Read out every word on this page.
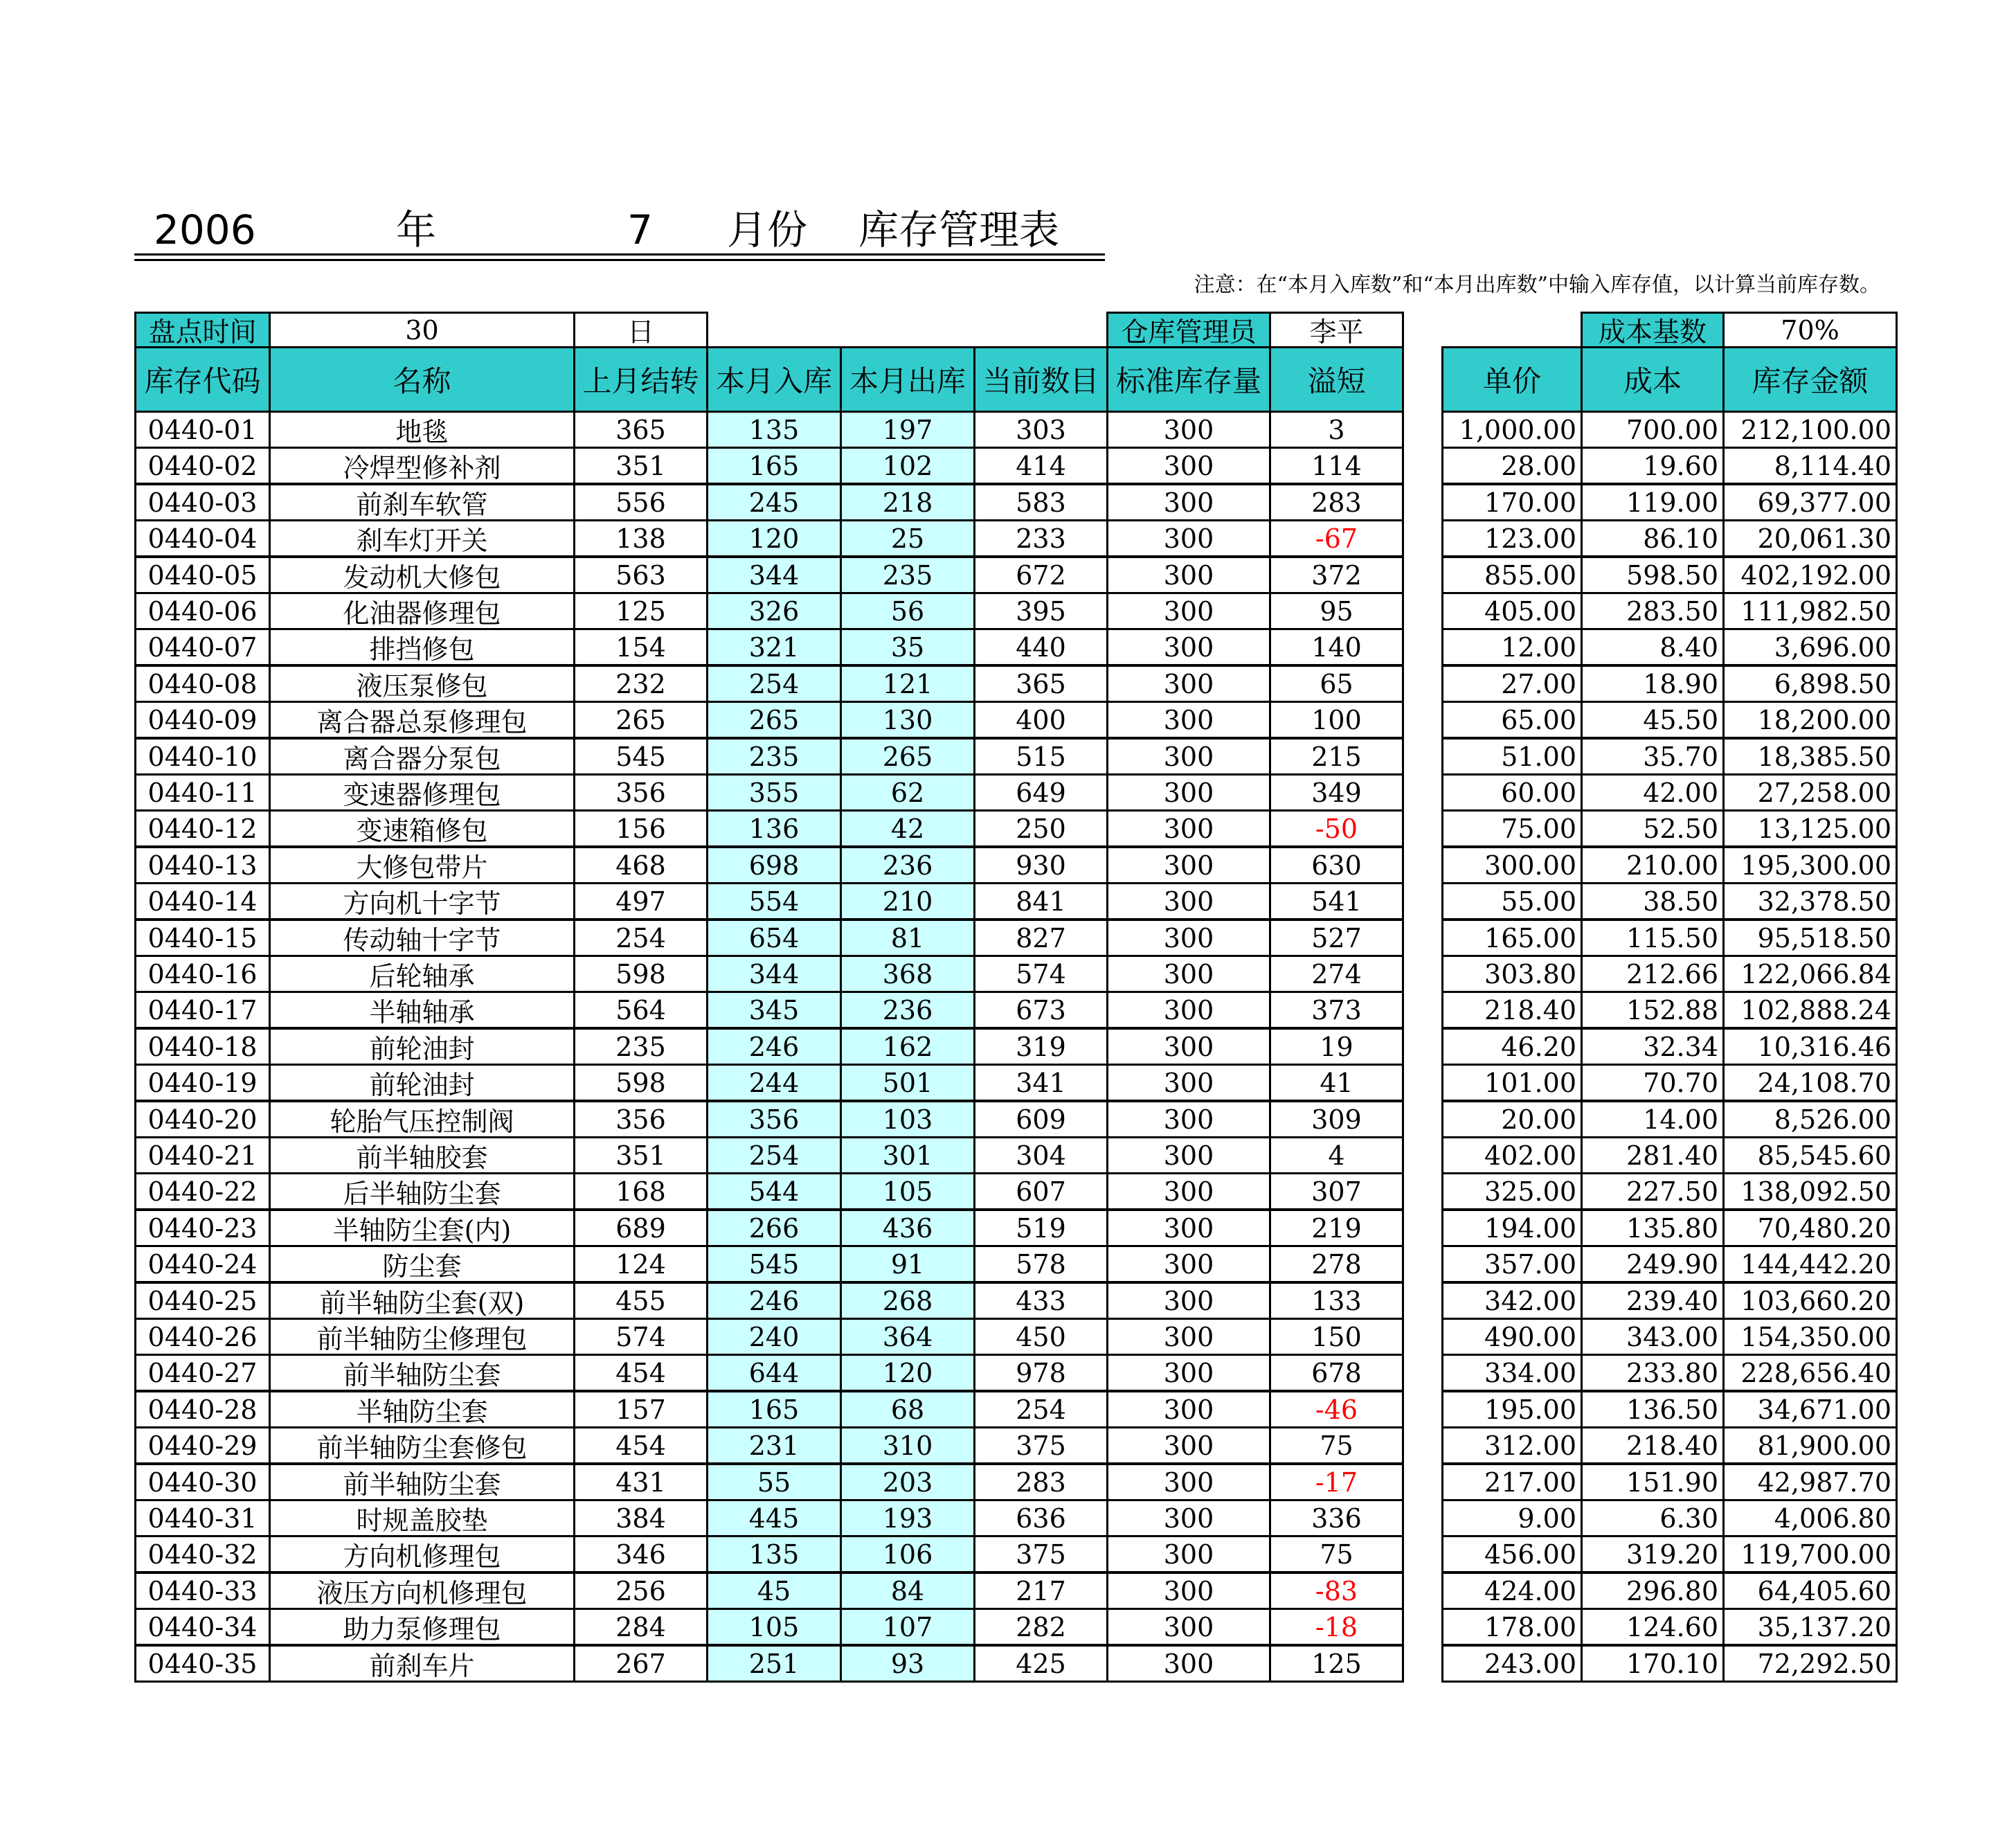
2006	年	7 月份 库存管理表
注意：在“本月入库数”和“本月出库数”中输入库存值，以计算当前库存数。
盘点时间	30	日	仓库管理员	李平	成本基数	70%
库存代码	名称	上月结转 本月入库 本月出库 当前数目 标准库存量	溢短	单价	成本	库存金额
0440-01	地毯	365	135	197	303	300	3	1,000.00	700.00 212,100.00
0440-02	冷焊型修补剂	351	165	102	414	300	114	28.00	19.60	8,114.40
0440-03	前刹车软管	556	245	218	583	300	283	170.00	119.00	69,377.00
0440-04	刹车灯开关	138	120	25	233	300	-67	123.00	86.10	20,061.30
0440-05	发动机大修包	563	344	235	672	300	372	855.00	598.50 402,192.00
0440-06	化油器修理包	125	326	56	395	300	95	405.00	283.50 111,982.50
0440-07	排挡修包	154	321	35	440	300	140	12.00	8.40	3,696.00
0440-08	液压泵修包	232	254	121	365	300	65	27.00	18.90	6,898.50
0440-09	离合器总泵修理包	265	265	130	400	300	100	65.00	45.50	18,200.00
0440-10	离合器分泵包	545	235	265	515	300	215	51.00	35.70	18,385.50
0440-11	变速器修理包	356	355	62	649	300	349	60.00	42.00	27,258.00
0440-12	变速箱修包	156	136	42	250	300	-50	75.00	52.50	13,125.00
0440-13	大修包带片	468	698	236	930	300	630	300.00	210.00 195,300.00
0440-14	方向机十字节	497	554	210	841	300	541	55.00	38.50	32,378.50
0440-15	传动轴十字节	254	654	81	827	300	527	165.00	115.50	95,518.50
0440-16	后轮轴承	598	344	368	574	300	274	303.80	212.66 122,066.84
0440-17	半轴轴承	564	345	236	673	300	373	218.40	152.88 102,888.24
0440-18	前轮油封	235	246	162	319	300	19	46.20	32.34	10,316.46
0440-19	前轮油封	598	244	501	341	300	41	101.00	70.70	24,108.70
0440-20	轮胎气压控制阀	356	356	103	609	300	309	20.00	14.00	8,526.00
0440-21	前半轴胶套	351	254	301	304	300	4	402.00	281.40	85,545.60
0440-22	后半轴防尘套	168	544	105	607	300	307	325.00	227.50 138,092.50
0440-23	半轴防尘套(内)	689	266	436	519	300	219	194.00	135.80	70,480.20
0440-24	防尘套	124	545	91	578	300	278	357.00	249.90 144,442.20
0440-25	前半轴防尘套(双)	455	246	268	433	300	133	342.00	239.40 103,660.20
0440-26	前半轴防尘修理包	574	240	364	450	300	150	490.00	343.00 154,350.00
0440-27	前半轴防尘套	454	644	120	978	300	678	334.00	233.80 228,656.40
0440-28	半轴防尘套	157	165	68	254	300	-46	195.00	136.50	34,671.00
0440-29	前半轴防尘套修包	454	231	310	375	300	75	312.00	218.40	81,900.00
0440-30	前半轴防尘套	431	55	203	283	300	-17	217.00	151.90	42,987.70
0440-31	时规盖胶垫	384	445	193	636	300	336	9.00	6.30	4,006.80
0440-32	方向机修理包	346	135	106	375	300	75	456.00	319.20 119,700.00
0440-33	液压方向机修理包	256	45	84	217	300	-83	424.00	296.80	64,405.60
0440-34	助力泵修理包	284	105	107	282	300	-18	178.00	124.60	35,137.20
0440-35	前刹车片	267	251	93	425	300	125	243.00	170.10	72,292.50
